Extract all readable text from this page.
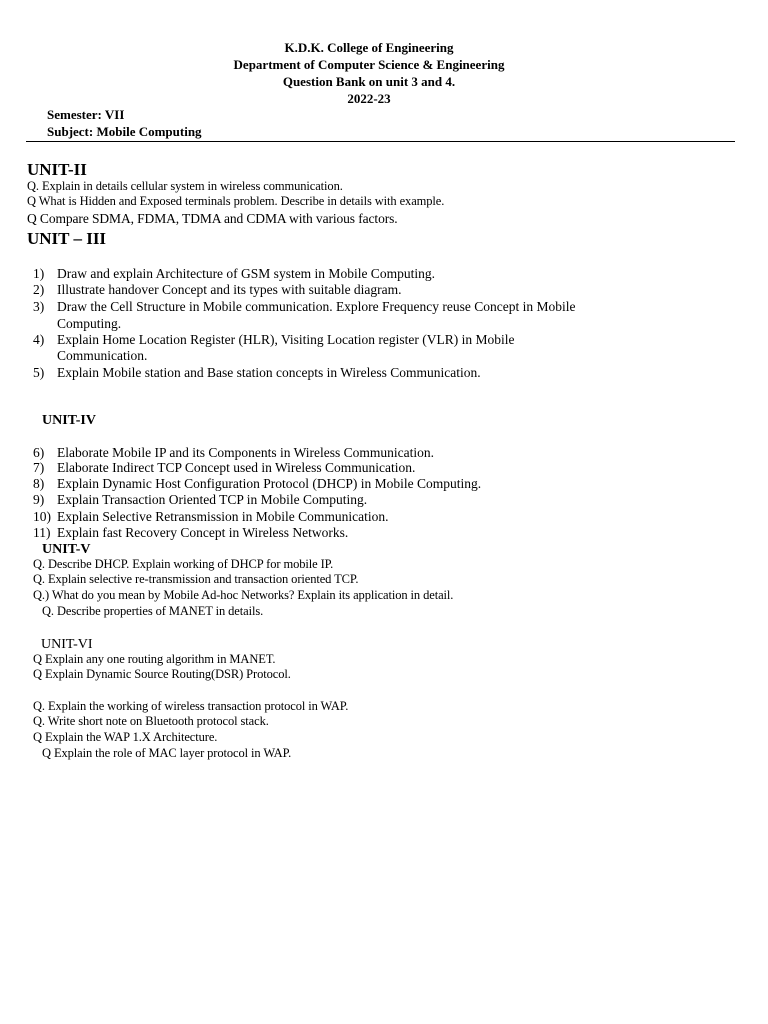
K.D.K. College of Engineering
Department of Computer Science & Engineering
Question Bank on unit 3 and 4.
2022-23
Semester: VII
Subject: Mobile Computing
UNIT-II
Q. Explain in details cellular system in wireless communication.
Q What is Hidden and Exposed terminals problem. Describe in details with example.
Q Compare SDMA, FDMA, TDMA and CDMA with various factors.
UNIT – III
1) Draw and explain Architecture of GSM system in Mobile Computing.
2) Illustrate handover Concept and its types with suitable diagram.
3) Draw the Cell Structure in Mobile communication. Explore Frequency reuse Concept in Mobile
Computing.
4) Explain Home Location Register (HLR), Visiting Location register (VLR) in Mobile
Communication.
5) Explain Mobile station and Base station concepts in Wireless Communication.
UNIT-IV
6) Elaborate Mobile IP and its Components in Wireless Communication.
7) Elaborate Indirect TCP Concept used in Wireless Communication.
8) Explain Dynamic Host Configuration Protocol (DHCP) in Mobile Computing.
9) Explain Transaction Oriented TCP in Mobile Computing.
10) Explain Selective Retransmission in Mobile Communication.
11) Explain fast Recovery Concept in Wireless Networks.
UNIT-V
Q. Describe DHCP. Explain working of DHCP for mobile IP.
Q. Explain selective re-transmission and transaction oriented TCP.
Q.) What do you mean by Mobile Ad-hoc Networks? Explain its application in detail.
Q. Describe properties of MANET in details.
UNIT-VI
Q Explain any one routing algorithm in MANET.
Q Explain Dynamic Source Routing(DSR) Protocol.
Q. Explain the working of wireless transaction protocol in WAP.
Q. Write short note on Bluetooth protocol stack.
Q Explain the WAP 1.X Architecture.
Q Explain the role of MAC layer protocol in WAP.
